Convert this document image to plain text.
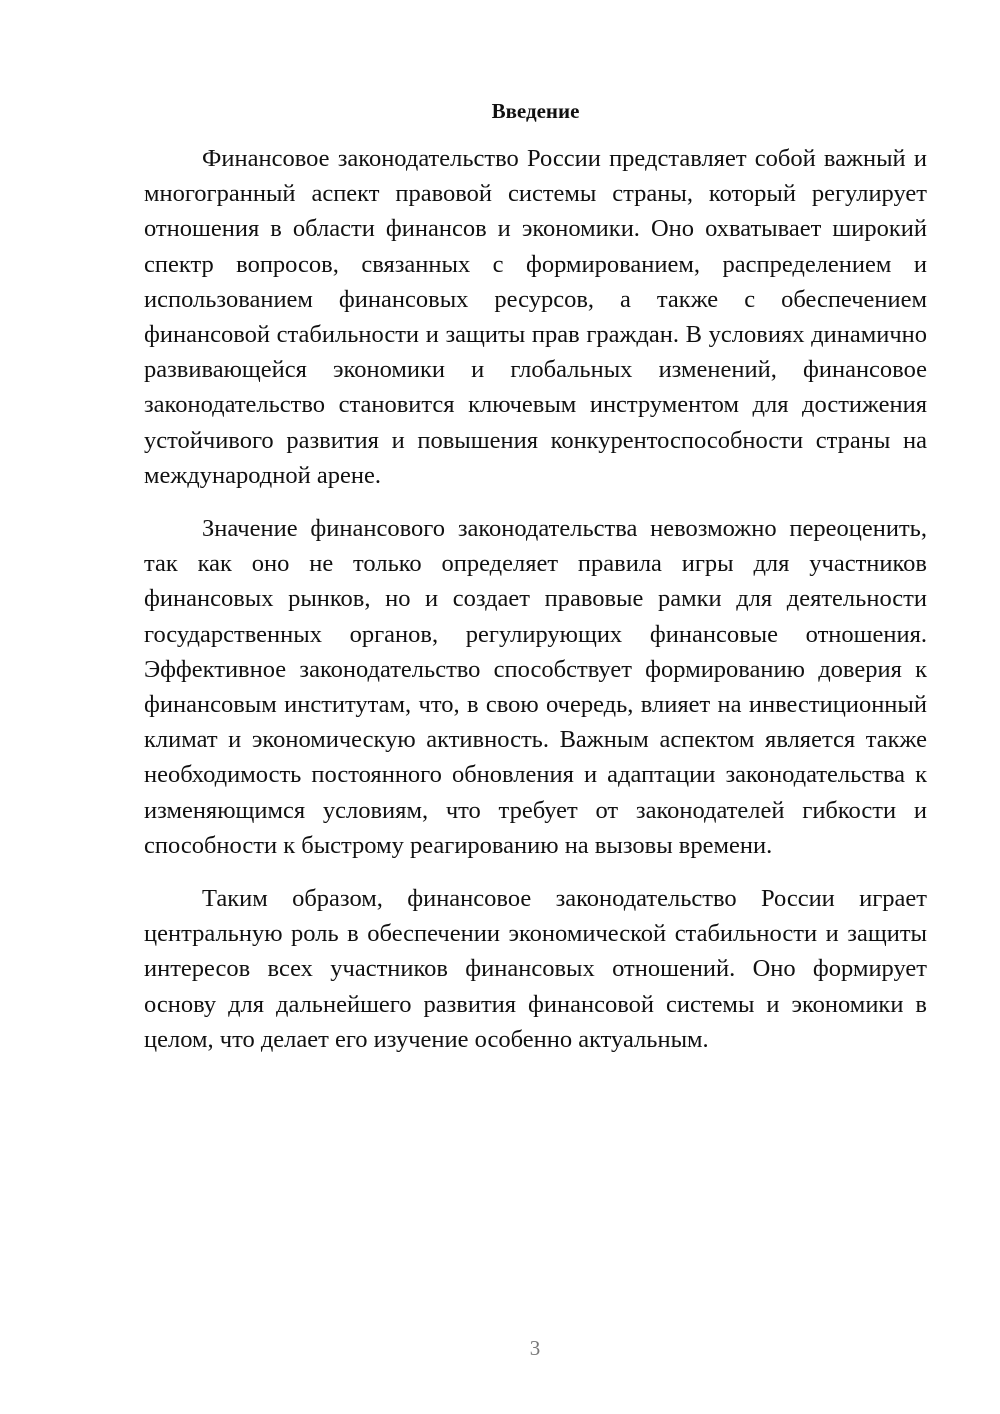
Введение

Финансовое законодательство России представляет собой важный и многогранный аспект правовой системы страны, который регулирует отношения в области финансов и экономики. Оно охватывает широкий спектр вопросов, связанных с формированием, распределением и использованием финансовых ресурсов, а также с обеспечением финансовой стабильности и защиты прав граждан. В условиях динамично развивающейся экономики и глобальных изменений, финансовое законодательство становится ключевым инструментом для достижения устойчивого развития и повышения конкурентоспособности страны на международной арене.

Значение финансового законодательства невозможно переоценить, так как оно не только определяет правила игры для участников финансовых рынков, но и создает правовые рамки для деятельности государственных органов, регулирующих финансовые отношения. Эффективное законодательство способствует формированию доверия к финансовым институтам, что, в свою очередь, влияет на инвестиционный климат и экономическую активность. Важным аспектом является также необходимость постоянного обновления и адаптации законодательства к изменяющимся условиям, что требует от законодателей гибкости и способности к быстрому реагированию на вызовы времени.

Таким образом, финансовое законодательство России играет центральную роль в обеспечении экономической стабильности и защиты интересов всех участников финансовых отношений. Оно формирует основу для дальнейшего развития финансовой системы и экономики в целом, что делает его изучение особенно актуальным.

3
